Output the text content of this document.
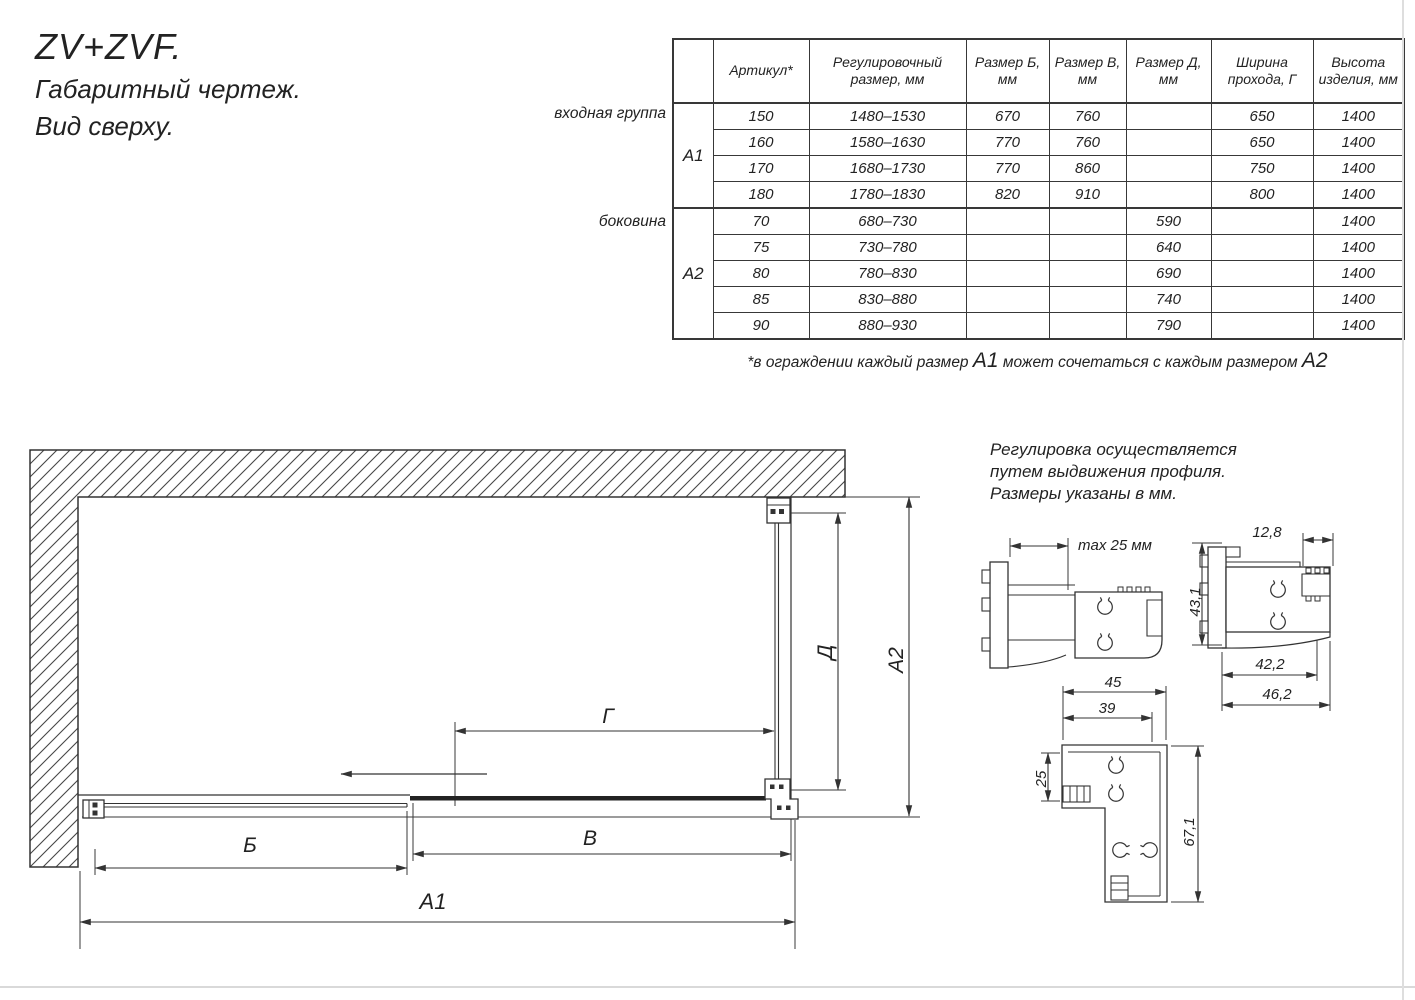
ZV+ZVF.
Габаритный чертеж.
Вид сверху.
	Артикул*	Регулировочный размер, мм	Размер Б, мм	Размер В, мм	Размер Д, мм	Ширина прохода, Г	Высота изделия, мм
А1	150	1480–1530	670	760		650	1400
	160	1580–1630	770	760		650	1400
	170	1680–1730	770	860		750	1400
	180	1780–1830	820	910		800	1400
А2	70	680–730			590		1400
	75	730–780			640		1400
	80	780–830			690		1400
	85	830–880			740		1400
	90	880–930			790		1400
входная группа
боковина
*в ограждении каждый размер А1 может сочетаться с каждым размером А2
Регулировка осуществляется
путем выдвижения профиля.
Размеры указаны в мм.
Б	В
А1
Г
Д А2
max 25 мм
12,8
43,1
42,2
46,2
45
39
25
67,1
